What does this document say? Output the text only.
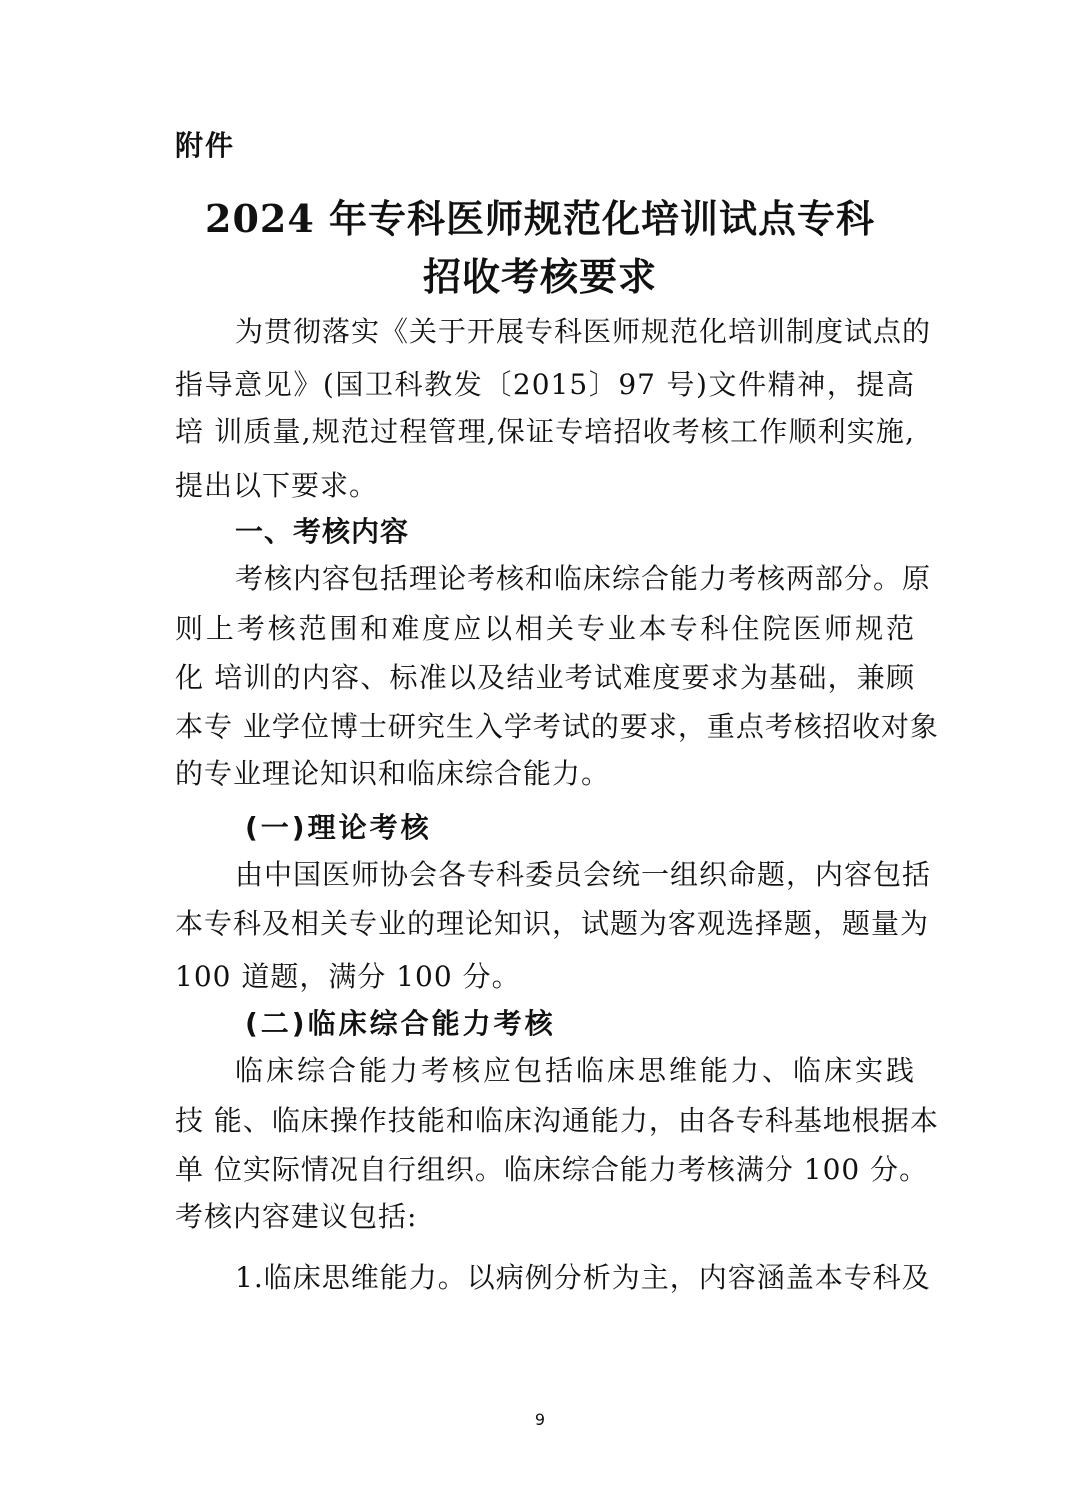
附件
2024 年专科医师规范化培训试点专科
招收考核要求
为贯彻落实《关于开展专科医师规范化培训制度试点的
指导意见》(国卫科教发〔2015〕97 号)文件精神，提高
培 训质量,规范过程管理,保证专培招收考核工作顺利实施,
提出以下要求。
一、考核内容
考核内容包括理论考核和临床综合能力考核两部分。原
则上考核范围和难度应以相关专业本专科住院医师规范
化 培训的内容、标准以及结业考试难度要求为基础，兼顾
本专 业学位博士研究生入学考试的要求，重点考核招收对象
的专业理论知识和临床综合能力。
(一)理论考核
由中国医师协会各专科委员会统一组织命题，内容包括
本专科及相关专业的理论知识，试题为客观选择题，题量为
100 道题，满分 100 分。
(二)临床综合能力考核
临床综合能力考核应包括临床思维能力、临床实践
技 能、临床操作技能和临床沟通能力，由各专科基地根据本
单 位实际情况自行组织。临床综合能力考核满分 100 分。
考核内容建议包括:
1.临床思维能力。以病例分析为主，内容涵盖本专科及
9
